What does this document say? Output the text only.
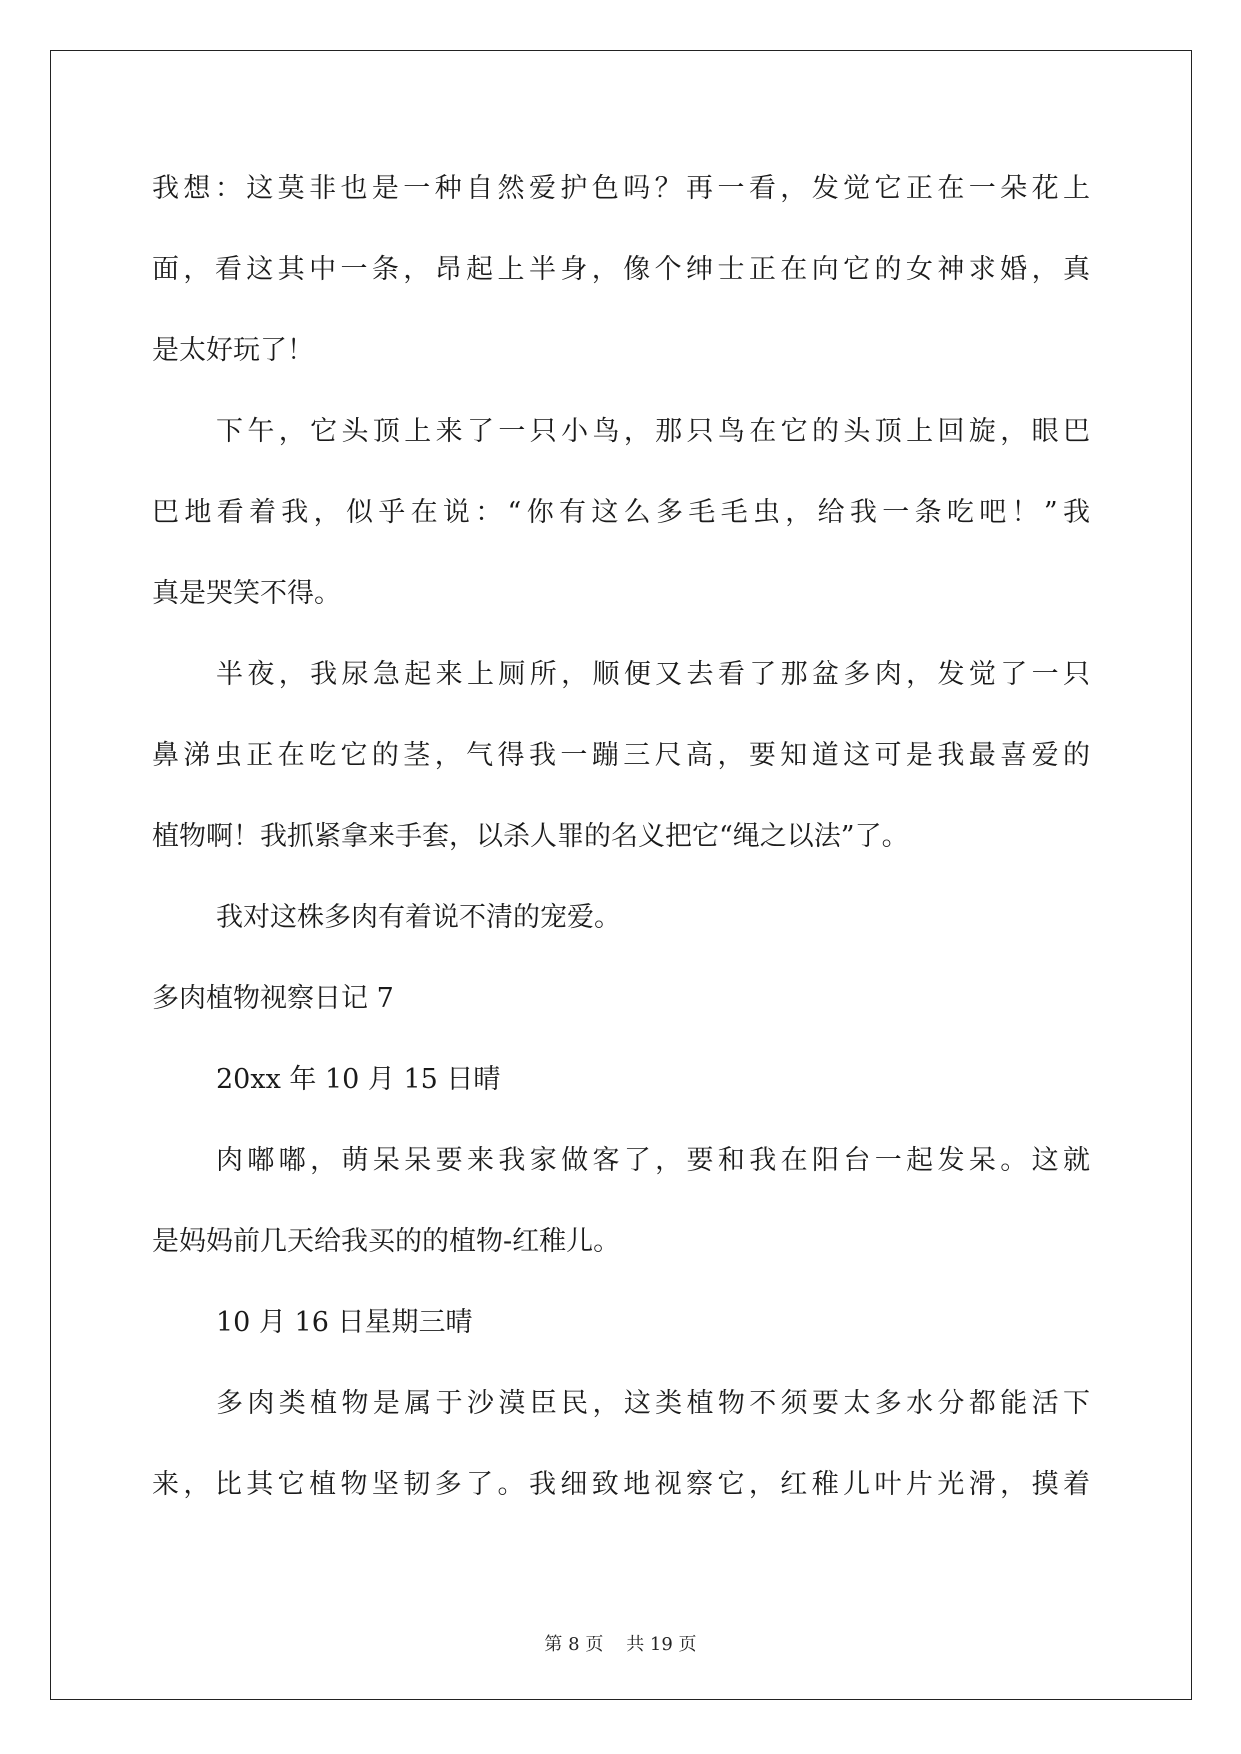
我想：这莫非也是一种自然爱护色吗？再一看，发觉它正在一朵花上
面，看这其中一条，昂起上半身，像个绅士正在向它的女神求婚，真
是太好玩了！
下午，它头顶上来了一只小鸟，那只鸟在它的头顶上回旋，眼巴
巴地看着我，似乎在说：“你有这么多毛毛虫，给我一条吃吧！”我
真是哭笑不得。
半夜，我尿急起来上厕所，顺便又去看了那盆多肉，发觉了一只
鼻涕虫正在吃它的茎，气得我一蹦三尺高，要知道这可是我最喜爱的
植物啊！我抓紧拿来手套，以杀人罪的名义把它“绳之以法”了。
我对这株多肉有着说不清的宠爱。
多肉植物视察日记 7
20xx 年 10 月 15 日晴
肉嘟嘟，萌呆呆要来我家做客了，要和我在阳台一起发呆。这就
是妈妈前几天给我买的的植物-红稚儿。
10 月 16 日星期三晴
多肉类植物是属于沙漠臣民，这类植物不须要太多水分都能活下
来，比其它植物坚韧多了。我细致地视察它，红稚儿叶片光滑，摸着
第 8 页    共 19 页
